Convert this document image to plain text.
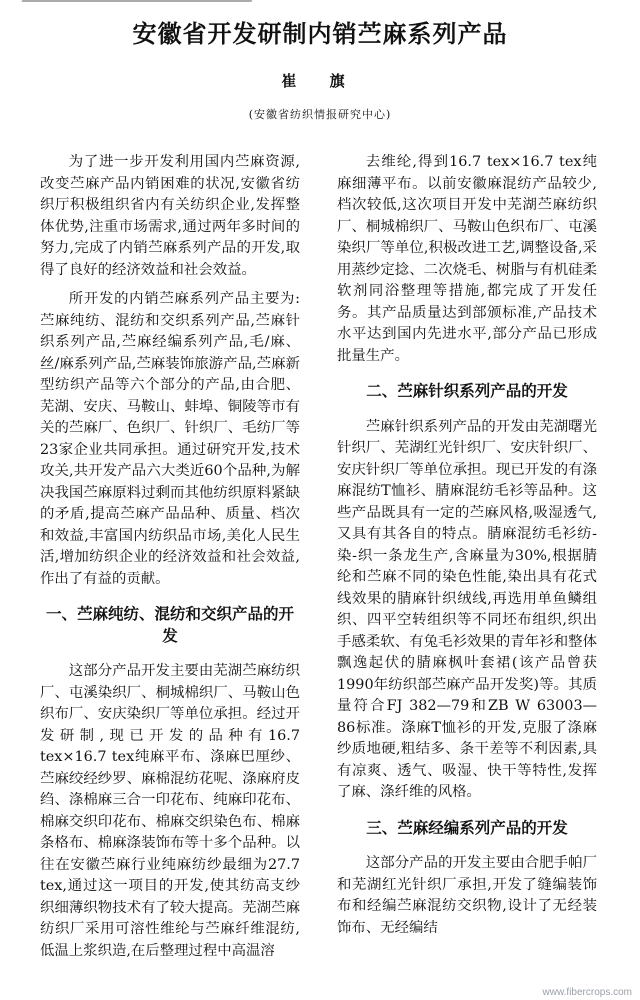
安徽省开发研制内销苎麻系列产品
崔 旗
(安徽省纺织情报研究中心)

为了进一步开发利用国内苎麻资源,改变苎麻产品内销困难的状况,安徽省纺织厅积极组织省内有关纺织企业,发挥整体优势,注重市场需求,通过两年多时间的努力,完成了内销苎麻系列产品的开发,取得了良好的经济效益和社会效益。

所开发的内销苎麻系列产品主要为:苎麻纯纺、混纺和交织系列产品,苎麻针织系列产品,苎麻经编系列产品,毛/麻、丝/麻系列产品,苎麻装饰旅游产品,苎麻新型纺织产品等六个部分的产品,由合肥、芜湖、安庆、马鞍山、蚌埠、铜陵等市有关的苎麻厂、色织厂、针织厂、毛纺厂等23家企业共同承担。通过研究开发,技术攻关,共开发产品六大类近60个品种,为解决我国苎麻原料过剩而其他纺织原料紧缺的矛盾,提高苎麻产品品种、质量、档次和效益,丰富国内纺织品市场,美化人民生活,增加纺织企业的经济效益和社会效益,作出了有益的贡献。

一、苎麻纯纺、混纺和交织产品的开发

这部分产品开发主要由芜湖苎麻纺织厂、屯溪染织厂、桐城棉织厂、马鞍山色织布厂、安庆染织厂等单位承担。经过开发研制,现已开发的品种有16.7 tex×16.7 tex纯麻平布、涤麻巴厘纱、苎麻绞经纱罗、麻棉混纺花呢、涤麻府皮绉、涤棉麻三合一印花布、纯麻印花布、棉麻交织印花布、棉麻交织染色布、棉麻条格布、棉麻涤装饰布等十多个品种。以往在安徽苎麻行业纯麻纺纱最细为27.7 tex,通过这一项目的开发,使其纺高支纱织细薄织物技术有了较大提高。芜湖苎麻纺织厂采用可溶性维纶与苎麻纤维混纺,低温上浆织造,在后整理过程中高温溶

去维纶,得到16.7 tex×16.7 tex纯麻细薄平布。以前安徽麻混纺产品较少,档次较低,这次项目开发中芜湖苎麻纺织厂、桐城棉织厂、马鞍山色织布厂、屯溪染织厂等单位,积极改进工艺,调整设备,采用蒸纱定捻、二次烧毛、树脂与有机硅柔软剂同浴整理等措施,都完成了开发任务。其产品质量达到部颁标准,产品技术水平达到国内先进水平,部分产品已形成批量生产。

二、苎麻针织系列产品的开发

苎麻针织系列产品的开发由芜湖曙光针织厂、芜湖红光针织厂、安庆针织厂、安庆针织厂等单位承担。现已开发的有涤麻混纺T恤衫、腈麻混纺毛衫等品种。这些产品既具有一定的苎麻风格,吸湿透气,又具有其各自的特点。腈麻混纺毛衫纺-染-织一条龙生产,含麻量为30%,根据腈纶和苎麻不同的染色性能,染出具有花式线效果的腈麻针织绒线,再选用单鱼鳞组织、四平空转组织等不同坯布组织,织出手感柔软、有兔毛衫效果的青年衫和整体飘逸起伏的腈麻枫叶套裙(该产品曾获1990年纺织部苎麻产品开发奖)等。其质量符合FJ 382—79和ZB W 63003—86标准。涤麻T恤衫的开发,克服了涤麻纱质地硬,粗结多、条干差等不利因素,具有凉爽、透气、吸湿、快干等特性,发挥了麻、涤纤维的风格。

三、苎麻经编系列产品的开发

这部分产品的开发主要由合肥手帕厂和芜湖红光针织厂承担,开发了缝编装饰布和经编苎麻混纺交织物,设计了无经装饰布、无经编结

www.fibercrops.com
